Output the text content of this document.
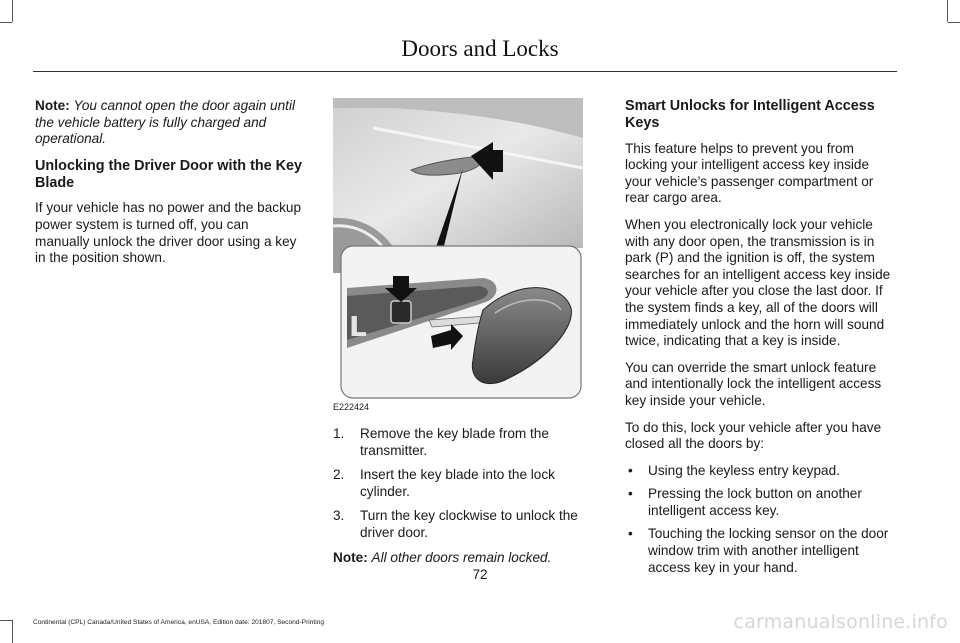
Doors and Locks

Note: You cannot open the door again until the vehicle battery is fully charged and operational.

Unlocking the Driver Door with the Key Blade

If your vehicle has no power and the backup power system is turned off, you can manually unlock the driver door using a key in the position shown.

L
E222424
1. Remove the key blade from the transmitter.
2. Insert the key blade into the lock cylinder.
3. Turn the key clockwise to unlock the driver door.

Note: All other doors remain locked.

Smart Unlocks for Intelligent Access Keys

This feature helps to prevent you from locking your intelligent access key inside your vehicle’s passenger compartment or rear cargo area.

When you electronically lock your vehicle with any door open, the transmission is in park (P) and the ignition is off, the system searches for an intelligent access key inside your vehicle after you close the last door. If the system finds a key, all of the doors will immediately unlock and the horn will sound twice, indicating that a key is inside.

You can override the smart unlock feature and intentionally lock the intelligent access key inside your vehicle.

To do this, lock your vehicle after you have closed all the doors by:

• Using the keyless entry keypad.
• Pressing the lock button on another intelligent access key.
• Touching the locking sensor on the door window trim with another intelligent access key in your hand.
72
Continental (CPL) Canada/United States of America, enUSA, Edition date: 201807, Second-Printing	carmanualsonline.info
